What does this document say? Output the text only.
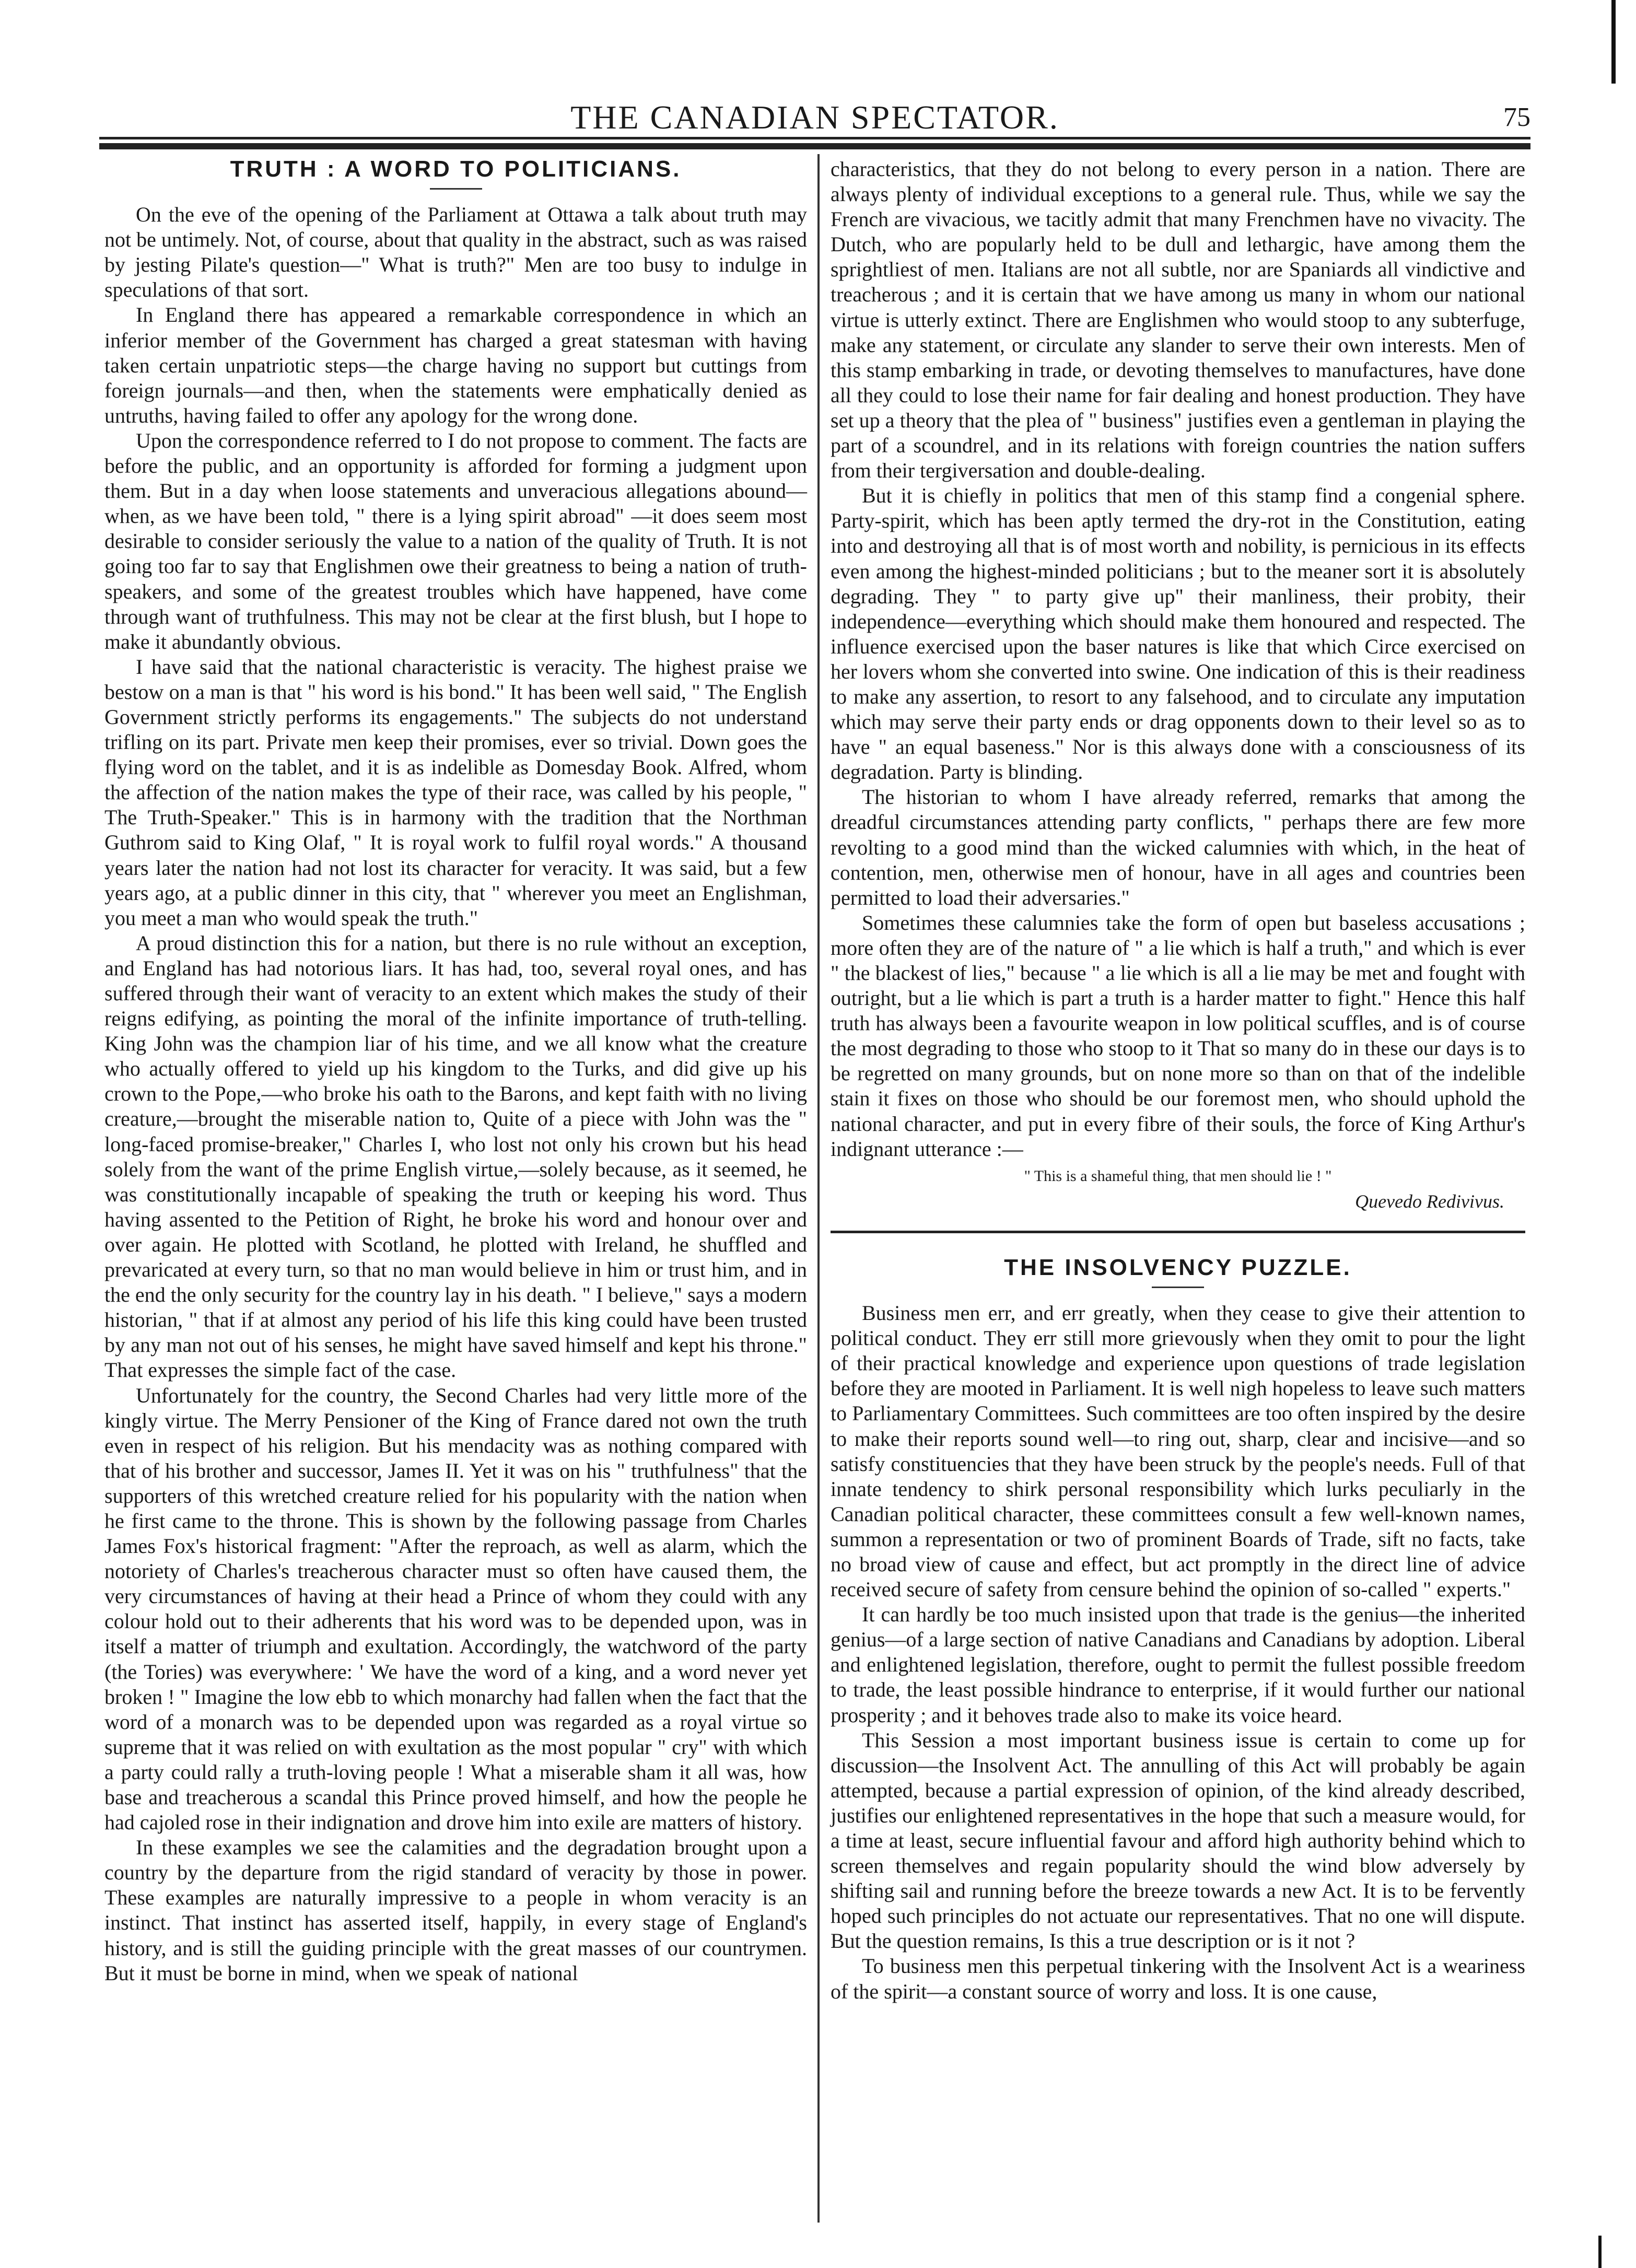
THE CANADIAN SPECTATOR.	75
TRUTH : A WORD TO POLITICIANS.

On the eve of the opening of the Parliament at Ottawa a talk about truth may not be untimely. Not, of course, about that quality in the abstract, such as was raised by jesting Pilate's question—" What is truth?" Men are too busy to indulge in speculations of that sort.

In England there has appeared a remarkable correspondence in which an inferior member of the Government has charged a great statesman with having taken certain unpatriotic steps—the charge having no support but cuttings from foreign journals—and then, when the statements were emphatically denied as untruths, having failed to offer any apology for the wrong done.

Upon the correspondence referred to I do not propose to comment. The facts are before the public, and an opportunity is afforded for forming a judgment upon them. But in a day when loose statements and unveracious allegations abound—when, as we have been told, " there is a lying spirit abroad" —it does seem most desirable to consider seriously the value to a nation of the quality of Truth. It is not going too far to say that Englishmen owe their greatness to being a nation of truth-speakers, and some of the greatest troubles which have happened, have come through want of truthfulness. This may not be clear at the first blush, but I hope to make it abundantly obvious.

I have said that the national characteristic is veracity. The highest praise we bestow on a man is that " his word is his bond." It has been well said, " The English Government strictly performs its engagements." The subjects do not understand trifling on its part. Private men keep their promises, ever so trivial. Down goes the flying word on the tablet, and it is as indelible as Domesday Book. Alfred, whom the affection of the nation makes the type of their race, was called by his people, " The Truth-Speaker." This is in harmony with the tradition that the Northman Guthrom said to King Olaf, " It is royal work to fulfil royal words." A thousand years later the nation had not lost its character for veracity. It was said, but a few years ago, at a public dinner in this city, that " wherever you meet an Englishman, you meet a man who would speak the truth."

A proud distinction this for a nation, but there is no rule without an exception, and England has had notorious liars. It has had, too, several royal ones, and has suffered through their want of veracity to an extent which makes the study of their reigns edifying, as pointing the moral of the infinite importance of truth-telling. King John was the champion liar of his time, and we all know what the creature who actually offered to yield up his kingdom to the Turks, and did give up his crown to the Pope,—who broke his oath to the Barons, and kept faith with no living creature,—brought the miserable nation to, Quite of a piece with John was the " long-faced promise-breaker," Charles I, who lost not only his crown but his head solely from the want of the prime English virtue,—solely because, as it seemed, he was constitutionally incapable of speaking the truth or keeping his word. Thus having assented to the Petition of Right, he broke his word and honour over and over again. He plotted with Scotland, he plotted with Ireland, he shuffled and prevaricated at every turn, so that no man would believe in him or trust him, and in the end the only security for the country lay in his death. " I believe," says a modern historian, " that if at almost any period of his life this king could have been trusted by any man not out of his senses, he might have saved himself and kept his throne." That expresses the simple fact of the case.

Unfortunately for the country, the Second Charles had very little more of the kingly virtue. The Merry Pensioner of the King of France dared not own the truth even in respect of his religion. But his mendacity was as nothing compared with that of his brother and successor, James II. Yet it was on his " truthfulness" that the supporters of this wretched creature relied for his popularity with the nation when he first came to the throne. This is shown by the following passage from Charles James Fox's historical fragment: "After the reproach, as well as alarm, which the notoriety of Charles's treacherous character must so often have caused them, the very circumstances of having at their head a Prince of whom they could with any colour hold out to their adherents that his word was to be depended upon, was in itself a matter of triumph and exultation. Accordingly, the watchword of the party (the Tories) was everywhere: ' We have the word of a king, and a word never yet broken ! " Imagine the low ebb to which monarchy had fallen when the fact that the word of a monarch was to be depended upon was regarded as a royal virtue so supreme that it was relied on with exultation as the most popular " cry" with which a party could rally a truth-loving people ! What a miserable sham it all was, how base and treacherous a scandal this Prince proved himself, and how the people he had cajoled rose in their indignation and drove him into exile are matters of history.

In these examples we see the calamities and the degradation brought upon a country by the departure from the rigid standard of veracity by those in power. These examples are naturally impressive to a people in whom veracity is an instinct. That instinct has asserted itself, happily, in every stage of England's history, and is still the guiding principle with the great masses of our countrymen. But it must be borne in mind, when we speak of national

characteristics, that they do not belong to every person in a nation. There are always plenty of individual exceptions to a general rule. Thus, while we say the French are vivacious, we tacitly admit that many Frenchmen have no vivacity. The Dutch, who are popularly held to be dull and lethargic, have among them the sprightliest of men. Italians are not all subtle, nor are Spaniards all vindictive and treacherous ; and it is certain that we have among us many in whom our national virtue is utterly extinct. There are Englishmen who would stoop to any subterfuge, make any statement, or circulate any slander to serve their own interests. Men of this stamp embarking in trade, or devoting themselves to manufactures, have done all they could to lose their name for fair dealing and honest production. They have set up a theory that the plea of " business" justifies even a gentleman in playing the part of a scoundrel, and in its relations with foreign countries the nation suffers from their tergiversation and double-dealing.

But it is chiefly in politics that men of this stamp find a congenial sphere. Party-spirit, which has been aptly termed the dry-rot in the Constitution, eating into and destroying all that is of most worth and nobility, is pernicious in its effects even among the highest-minded politicians ; but to the meaner sort it is absolutely degrading. They " to party give up" their manliness, their probity, their independence—everything which should make them honoured and respected. The influence exercised upon the baser natures is like that which Circe exercised on her lovers whom she converted into swine. One indication of this is their readiness to make any assertion, to resort to any falsehood, and to circulate any imputation which may serve their party ends or drag opponents down to their level so as to have " an equal baseness." Nor is this always done with a consciousness of its degradation. Party is blinding.

The historian to whom I have already referred, remarks that among the dreadful circumstances attending party conflicts, " perhaps there are few more revolting to a good mind than the wicked calumnies with which, in the heat of contention, men, otherwise men of honour, have in all ages and countries been permitted to load their adversaries."

Sometimes these calumnies take the form of open but baseless accusations ; more often they are of the nature of " a lie which is half a truth," and which is ever " the blackest of lies," because " a lie which is all a lie may be met and fought with outright, but a lie which is part a truth is a harder matter to fight." Hence this half truth has always been a favourite weapon in low political scuffles, and is of course the most degrading to those who stoop to it That so many do in these our days is to be regretted on many grounds, but on none more so than on that of the indelible stain it fixes on those who should be our foremost men, who should uphold the national character, and put in every fibre of their souls, the force of King Arthur's indignant utterance :—

" This is a shameful thing, that men should lie ! "

Quevedo Redivivus.

THE INSOLVENCY PUZZLE.

Business men err, and err greatly, when they cease to give their attention to political conduct. They err still more grievously when they omit to pour the light of their practical knowledge and experience upon questions of trade legislation before they are mooted in Parliament. It is well nigh hopeless to leave such matters to Parliamentary Committees. Such committees are too often inspired by the desire to make their reports sound well—to ring out, sharp, clear and incisive—and so satisfy constituencies that they have been struck by the people's needs. Full of that innate tendency to shirk personal responsibility which lurks peculiarly in the Canadian political character, these committees consult a few well-known names, summon a representation or two of prominent Boards of Trade, sift no facts, take no broad view of cause and effect, but act promptly in the direct line of advice received secure of safety from censure behind the opinion of so-called " experts."

It can hardly be too much insisted upon that trade is the genius—the inherited genius—of a large section of native Canadians and Canadians by adoption. Liberal and enlightened legislation, therefore, ought to permit the fullest possible freedom to trade, the least possible hindrance to enterprise, if it would further our national prosperity ; and it behoves trade also to make its voice heard.

This Session a most important business issue is certain to come up for discussion—the Insolvent Act. The annulling of this Act will probably be again attempted, because a partial expression of opinion, of the kind already described, justifies our enlightened representatives in the hope that such a measure would, for a time at least, secure influential favour and afford high authority behind which to screen themselves and regain popularity should the wind blow adversely by shifting sail and running before the breeze towards a new Act. It is to be fervently hoped such principles do not actuate our representatives. That no one will dispute. But the question remains, Is this a true description or is it not ?

To business men this perpetual tinkering with the Insolvent Act is a weariness of the spirit—a constant source of worry and loss. It is one cause,
